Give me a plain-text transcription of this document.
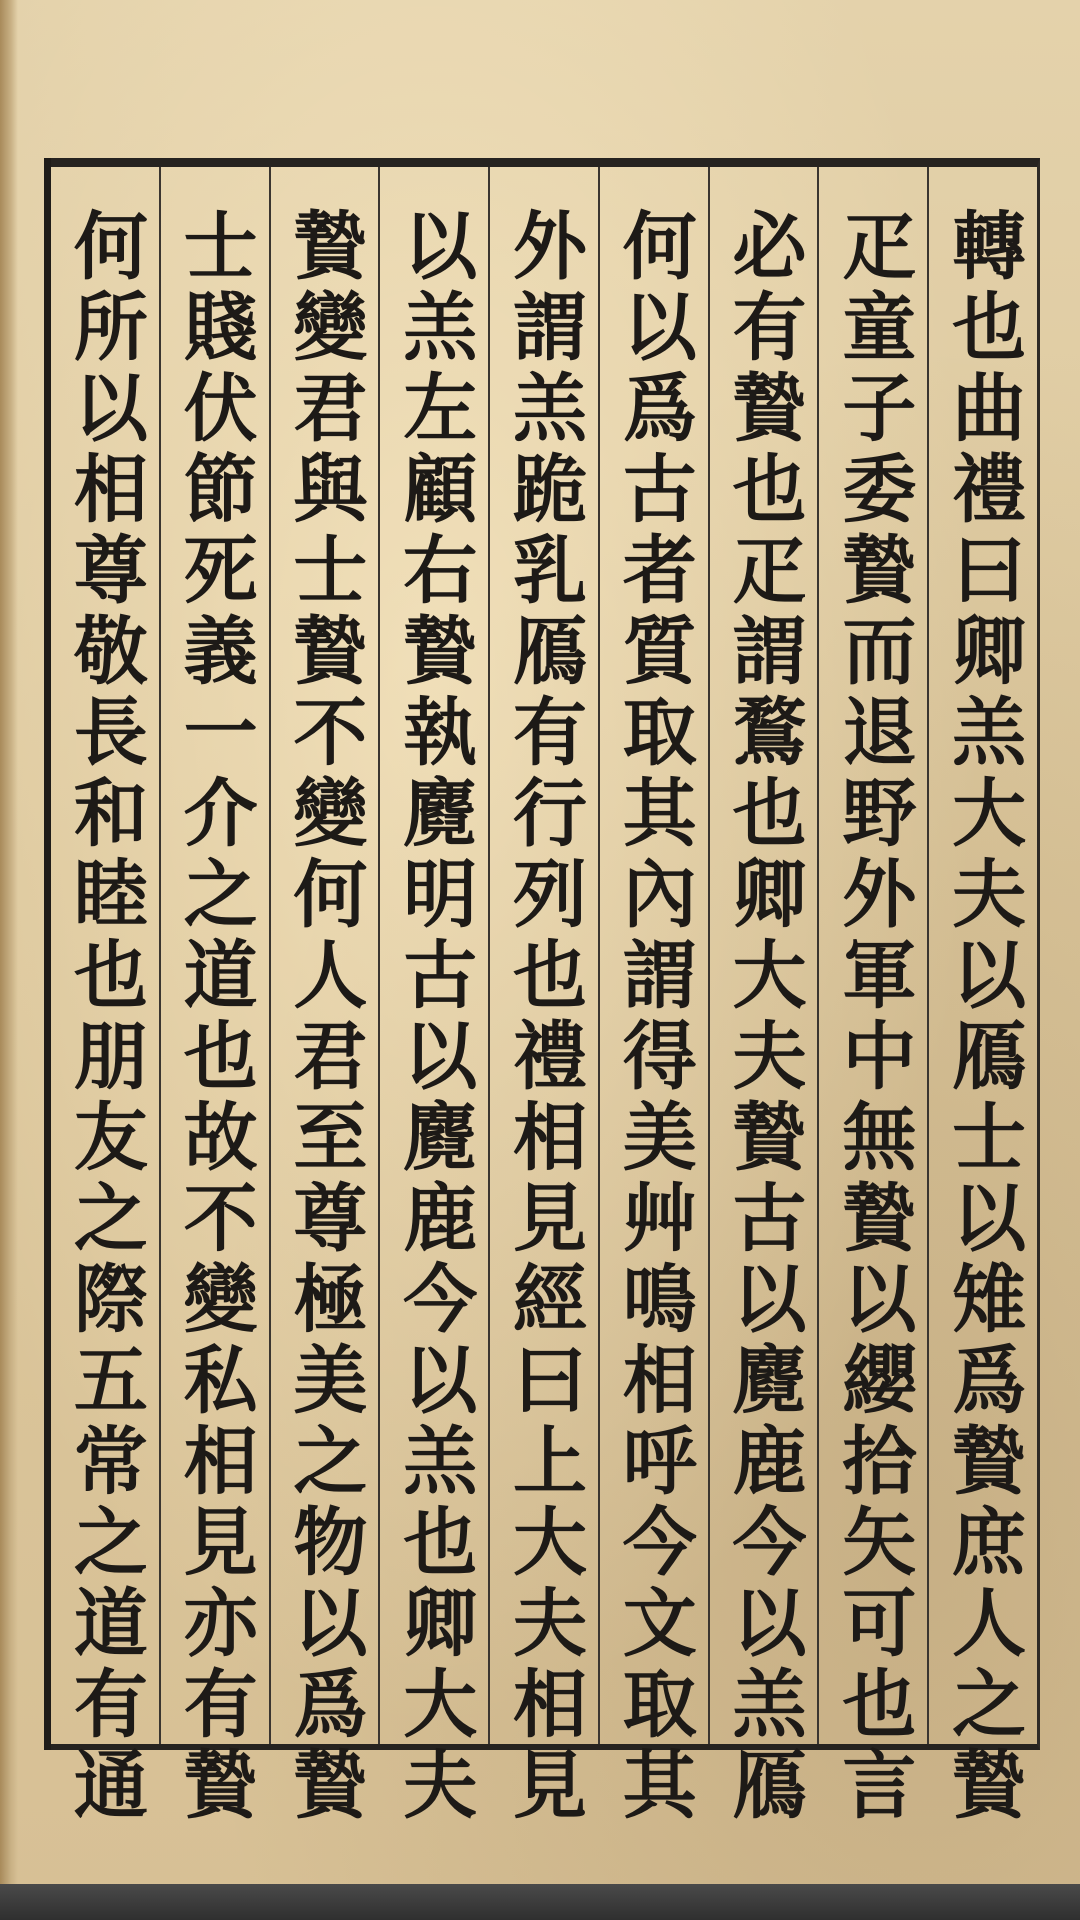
轉也曲禮曰卿羔大夫以鴈士以雉爲贄庶人之贄
疋童子委贄而退野外軍中無贄以纓拾矢可也言
必有贄也疋謂鶩也卿大夫贄古以麑鹿今以羔鴈
何以爲古者質取其內謂得美艸鳴相呼今文取其
外謂羔跪乳鴈有行列也禮相見經曰上大夫相見
以羔左顧右贄執麑明古以麑鹿今以羔也卿大夫
贄變君與士贄不變何人君至尊極美之物以爲贄
士賤伏節死義一介之道也故不變私相見亦有贄
何所以相尊敬長和睦也朋友之際五常之道有通
